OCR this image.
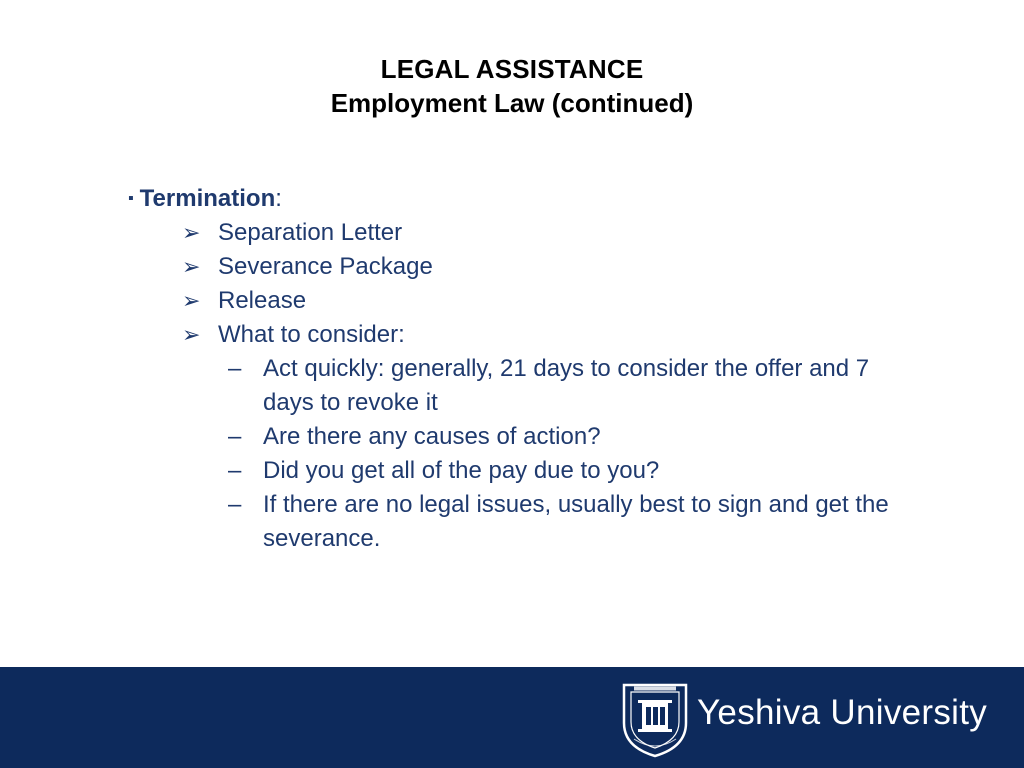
LEGAL ASSISTANCE
Employment Law (continued)
▪ Termination:
➢ Separation Letter
➢ Severance Package
➢ Release
➢ What to consider:
– Act quickly: generally, 21 days to consider the offer and 7 days to revoke it
– Are there any causes of action?
– Did you get all of the pay due to you?
– If there are no legal issues, usually best to sign and get the severance.
Yeshiva University
